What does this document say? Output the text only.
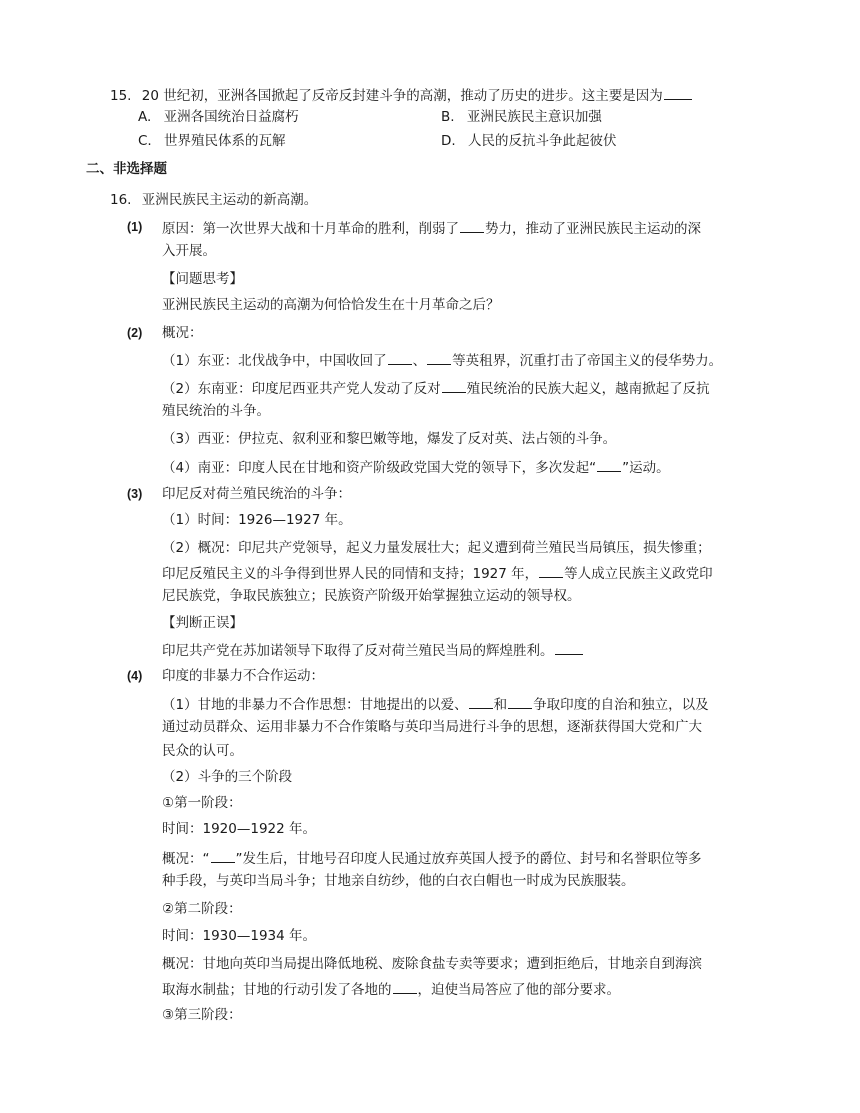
15. 20 世纪初，亚洲各国掀起了反帝反封建斗争的高潮，推动了历史的进步。这主要是因为
A. 亚洲各国统治日益腐朽	B. 亚洲民族民主意识加强
C. 世界殖民体系的瓦解	D. 人民的反抗斗争此起彼伏
二、非选择题
16. 亚洲民族民主运动的新高潮。
(1) 原因：第一次世界大战和十月革命的胜利，削弱了 势力，推动了亚洲民族民主运动的深
入开展。
【问题思考】
亚洲民族民主运动的高潮为何恰恰发生在十月革命之后？
(2) 概况：
（1）东亚：北伐战争中，中国收回了 、 等英租界，沉重打击了帝国主义的侵华势力。
（2）东南亚：印度尼西亚共产党人发动了反对 殖民统治的民族大起义，越南掀起了反抗
殖民统治的斗争。
（3）西亚：伊拉克、叙利亚和黎巴嫩等地，爆发了反对英、法占领的斗争。
（4）南亚：印度人民在甘地和资产阶级政党国大党的领导下，多次发起“ ”运动。
(3) 印尼反对荷兰殖民统治的斗争：
（1）时间：1926—1927 年。
（2）概况：印尼共产党领导，起义力量发展壮大；起义遭到荷兰殖民当局镇压，损失惨重；
印尼反殖民主义的斗争得到世界人民的同情和支持；1927 年， 等人成立民族主义政党印
尼民族党，争取民族独立；民族资产阶级开始掌握独立运动的领导权。
【判断正误】
印尼共产党在苏加诺领导下取得了反对荷兰殖民当局的辉煌胜利。
(4) 印度的非暴力不合作运动：
（1）甘地的非暴力不合作思想：甘地提出的以爱、 和 争取印度的自治和独立，以及
通过动员群众、运用非暴力不合作策略与英印当局进行斗争的思想，逐渐获得国大党和广大
民众的认可。
（2）斗争的三个阶段
①第一阶段：
时间：1920—1922 年。
概况：“ ”发生后，甘地号召印度人民通过放弃英国人授予的爵位、封号和名誉职位等多
种手段，与英印当局斗争；甘地亲自纺纱，他的白衣白帽也一时成为民族服装。
②第二阶段：
时间：1930—1934 年。
概况：甘地向英印当局提出降低地税、废除食盐专卖等要求；遭到拒绝后，甘地亲自到海滨
取海水制盐；甘地的行动引发了各地的 ，迫使当局答应了他的部分要求。
③第三阶段：
